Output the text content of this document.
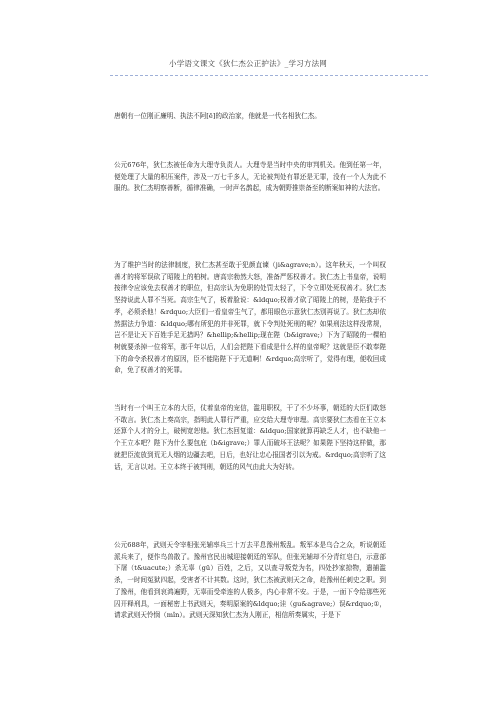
小学语文课文《狄仁杰公正护法》_学习方法网

唐朝有一位刚正廉明、执法不阿[ē]的政治家，他就是一代名相狄仁杰。

公元676年，狄仁杰被任命为大理寺负责人。大理寺是当时中央的审判机关。他到任第一年，便处理了大量的积压案件，涉及一万七千多人，无论被判处有罪还是无罪，没有一个人为此不服的。狄仁杰明察善断，循律准确，一时声名鹊起，成为朝野推崇备至的断案如神的大法官。

为了维护当时的法律制度，狄仁杰甚至敢于犯颜直谏（ji&agrave;n）。这年秋天，一个叫权善才的将军误砍了昭陵上的柏树。唐高宗勃然大怒，准备严惩权善才。狄仁杰上书皇帝，说明按律令应该免去权善才的职位，但高宗认为免职的处罚太轻了，下令立即处死权善才。狄仁杰坚持说此人罪不当死。高宗生气了，板着脸说：&ldquo;权善才砍了昭陵上的树，是陷我于不孝，必须杀他！&rdquo;大臣们一看皇帝生气了，都用眼色示意狄仁杰别再说了。狄仁杰却依然据法力争道：&ldquo;哪有所犯的并非死罪，就下令判处死刑的呢？如果刑法这样没常规，岂不是让天下百姓手足无措吗？&hellip;&hellip;现在陛（b&igrave;）下为了昭陵的一棵柏树就要杀掉一位将军，那千年以后，人们会把陛下看成是什么样的皇帝呢？这就是臣不敢奉陛下的命令杀权善才的原因，臣不能陷陛下于无道啊！&rdquo;高宗听了，觉得有理，便收回成命，免了权善才的死罪。

当时有一个叫王立本的大臣，仗着皇帝的宠信，滥用职权，干了不少坏事，朝廷的大臣们敢怒不敢言。狄仁杰上奏高宗，指明此人罪行严重，应交给大理寺审理。高宗要狄仁杰看在王立本还算个人才的分上，破例宽恕他。狄仁杰回复道：&ldquo;国家就算再缺乏人才，也不缺他一个王立本吧？陛下为什么要包庇（b&igrave;）罪人而破坏王法呢？如果陛下坚持这样做，那就把臣流放到荒无人烟的边疆去吧，日后，也好让忠心报国者引以为戒。&rdquo;高宗听了这话，无言以对。王立本终于被判刑，朝廷的风气由此大为好转。

公元688年，武则天令宰相张光辅率兵三十万去平息豫州叛乱。叛军本是乌合之众，听说朝廷派兵来了，便作鸟兽散了。豫州官民出城迎接朝廷的军队，但张光辅却不分青红皂白，示意部下屠（t&uacute;）杀无辜（gū）百姓，之后，又以查寻叛党为名，四处抄家掠物，遣捕滥杀，一时间冤狱四起，受害者不计其数。这时，狄仁杰被武则天之命，赴豫州任刺史之职。到了豫州，他看到哀鸿遍野，无辜而受牵连的人极多，内心非常不安。于是，一面下令给那些死囚开释刑具，一面秘密上书武则天，奏明原案的&ldquo;诖（gu&agrave;）误&rdquo;①，请求武则天怜悯（mǐn）。武则天深知狄仁杰为人刚正，相信所奏属实，于是下
